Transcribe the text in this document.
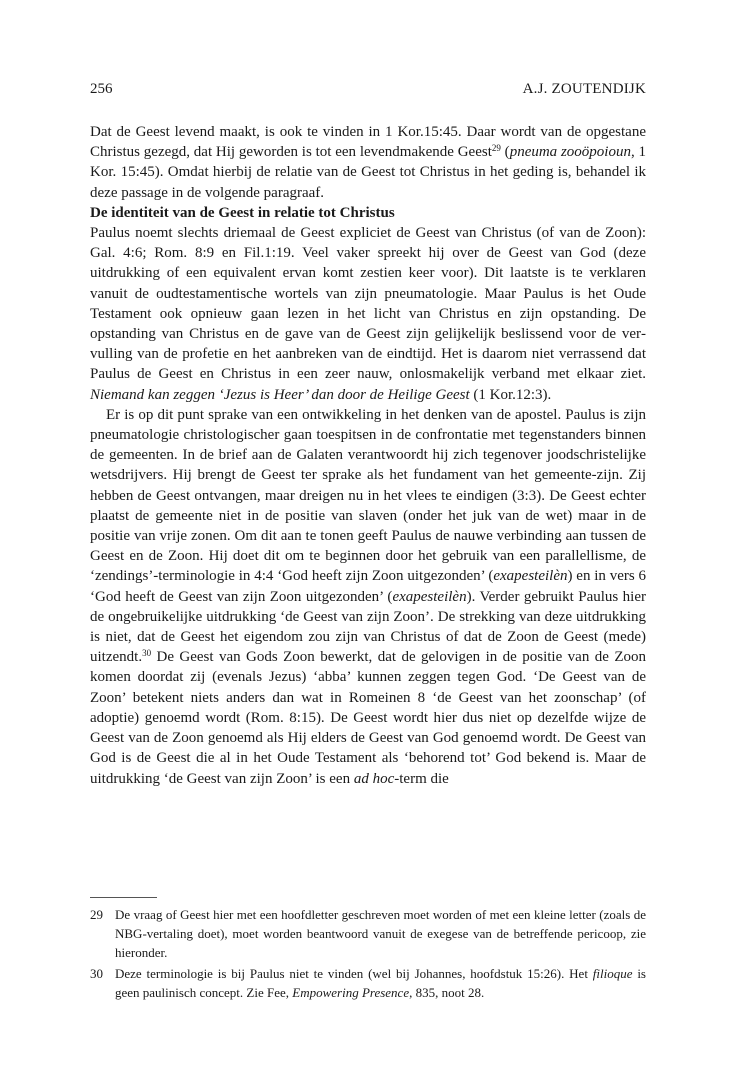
256	A.J. ZOUTENDIJK

Dat de Geest levend maakt, is ook te vinden in 1 Kor.15:45. Daar wordt van de opgestane Christus gezegd, dat Hij geworden is tot een levendmakende Geest$^{29}$ (pneuma zooöpoioun, 1 Kor. 15:45). Omdat hierbij de relatie van de Geest tot Christus in het geding is, behandel ik deze passage in de volgende paragraaf.

De identiteit van de Geest in relatie tot Christus

Paulus noemt slechts driemaal de Geest expliciet de Geest van Christus (of van de Zoon): Gal. 4:6; Rom. 8:9 en Fil.1:19. Veel vaker spreekt hij over de Geest van God (deze uitdrukking of een equivalent ervan komt zestien keer voor). Dit laatste is te verklaren vanuit de oudtestamentische wortels van zijn pneumatologie. Maar Paulus is het Oude Testament ook opnieuw gaan lezen in het licht van Christus en zijn opstanding. De opstanding van Christus en de gave van de Geest zijn gelijkelijk beslissend voor de vervulling van de profetie en het aanbreken van de eindtijd. Het is daarom niet verrassend dat Paulus de Geest en Christus in een zeer nauw, onlosmakelijk verband met elkaar ziet. Niemand kan zeggen ‘Jezus is Heer’ dan door de Heilige Geest (1 Kor.12:3).

Er is op dit punt sprake van een ontwikkeling in het denken van de apostel. Paulus is zijn pneumatologie christologischer gaan toespitsen in de confrontatie met tegenstanders binnen de gemeenten. In de brief aan de Galaten verantwoordt hij zich tegenover joodschristelijke wetsdrijvers. Hij brengt de Geest ter sprake als het fundament van het gemeente-zijn. Zij hebben de Geest ontvangen, maar dreigen nu in het vlees te eindigen (3:3). De Geest echter plaatst de gemeente niet in de positie van slaven (onder het juk van de wet) maar in de positie van vrije zonen. Om dit aan te tonen geeft Paulus de nauwe verbinding aan tussen de Geest en de Zoon. Hij doet dit om te beginnen door het gebruik van een parallellisme, de ‘zendings’-terminologie in 4:4 ‘God heeft zijn Zoon uitgezonden’ (exapesteilèn) en in vers 6 ‘God heeft de Geest van zijn Zoon uitgezonden’ (exapesteilèn). Verder gebruikt Paulus hier de ongebruikelijke uitdrukking ‘de Geest van zijn Zoon’. De strekking van deze uitdrukking is niet, dat de Geest het eigendom zou zijn van Christus of dat de Zoon de Geest (mede) uitzendt.$^{30}$ De Geest van Gods Zoon bewerkt, dat de gelovigen in de positie van de Zoon komen doordat zij (evenals Jezus) ‘abba’ kunnen zeggen tegen God. ‘De Geest van de Zoon’ betekent niets anders dan wat in Romeinen 8 ‘de Geest van het zoonschap’ (of adoptie) genoemd wordt (Rom. 8:15). De Geest wordt hier dus niet op dezelfde wijze de Geest van de Zoon genoemd als Hij elders de Geest van God genoemd wordt. De Geest van God is de Geest die al in het Oude Testament als ‘behorend tot’ God bekend is. Maar de uitdrukking ‘de Geest van zijn Zoon’ is een ad hoc-term die

29 De vraag of Geest hier met een hoofdletter geschreven moet worden of met een kleine letter (zoals de NBG-vertaling doet), moet worden beantwoord vanuit de exegese van de betreffende pericoop, zie hieronder.
30 Deze terminologie is bij Paulus niet te vinden (wel bij Johannes, hoofdstuk 15:26). Het filioque is geen paulinisch concept. Zie Fee, Empowering Presence, 835, noot 28.
